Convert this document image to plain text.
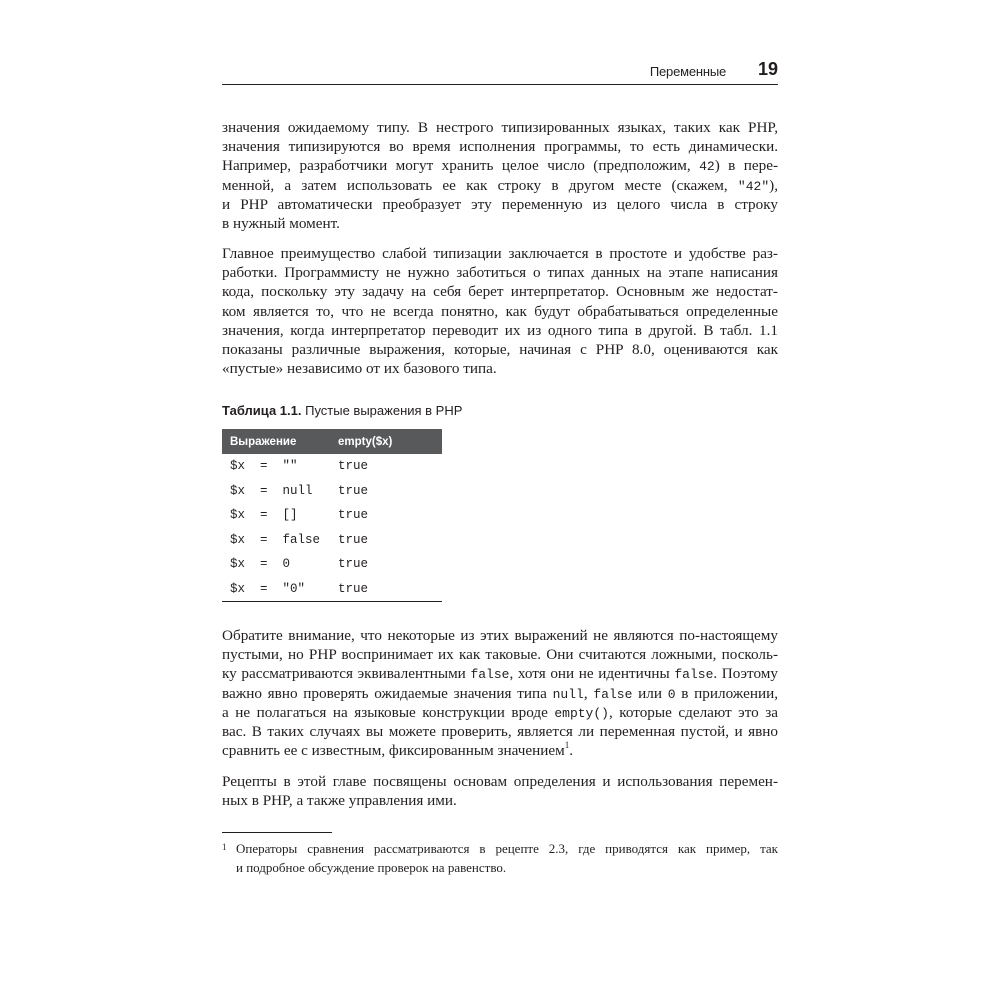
Переменные 19
значения ожидаемому типу. В нестрого типизированных языках, таких как PHP,
значения типизируются во время исполнения программы, то есть динамически.
Например, разработчики могут хранить целое число (предположим, 42) в пере-
менной, а затем использовать ее как строку в другом месте (скажем, "42"),
и PHP автоматически преобразует эту переменную из целого числа в строку
в нужный момент.
Главное преимущество слабой типизации заключается в простоте и удобстве раз-
работки. Программисту не нужно заботиться о типах данных на этапе написания
кода, поскольку эту задачу на себя берет интерпретатор. Основным же недостат-
ком является то, что не всегда понятно, как будут обрабатываться определенные
значения, когда интерпретатор переводит их из одного типа в другой. В табл. 1.1
показаны различные выражения, которые, начиная с PHP 8.0, оцениваются как
«пустые» независимо от их базового типа.
Таблица 1.1. Пустые выражения в PHP
Выражение	empty($x)
$x  =  ""	true
$x  =  null	true
$x  =  []	true
$x  =  false	true
$x  =  0	true
$x  =  "0"	true
Обратите внимание, что некоторые из этих выражений не являются по-настоящему
пустыми, но PHP воспринимает их как таковые. Они считаются ложными, посколь-
ку рассматриваются эквивалентными false, хотя они не идентичны false. Поэтому
важно явно проверять ожидаемые значения типа null, false или 0 в приложении,
а не полагаться на языковые конструкции вроде empty(), которые сделают это за
вас. В таких случаях вы можете проверить, является ли переменная пустой, и явно
сравнить ее с известным, фиксированным значением$^1$.
Рецепты в этой главе посвящены основам определения и использования перемен-
ных в PHP, а также управления ими.
1 Операторы сравнения рассматриваются в рецепте 2.3, где приводятся как пример, так
и подробное обсуждение проверок на равенство.
